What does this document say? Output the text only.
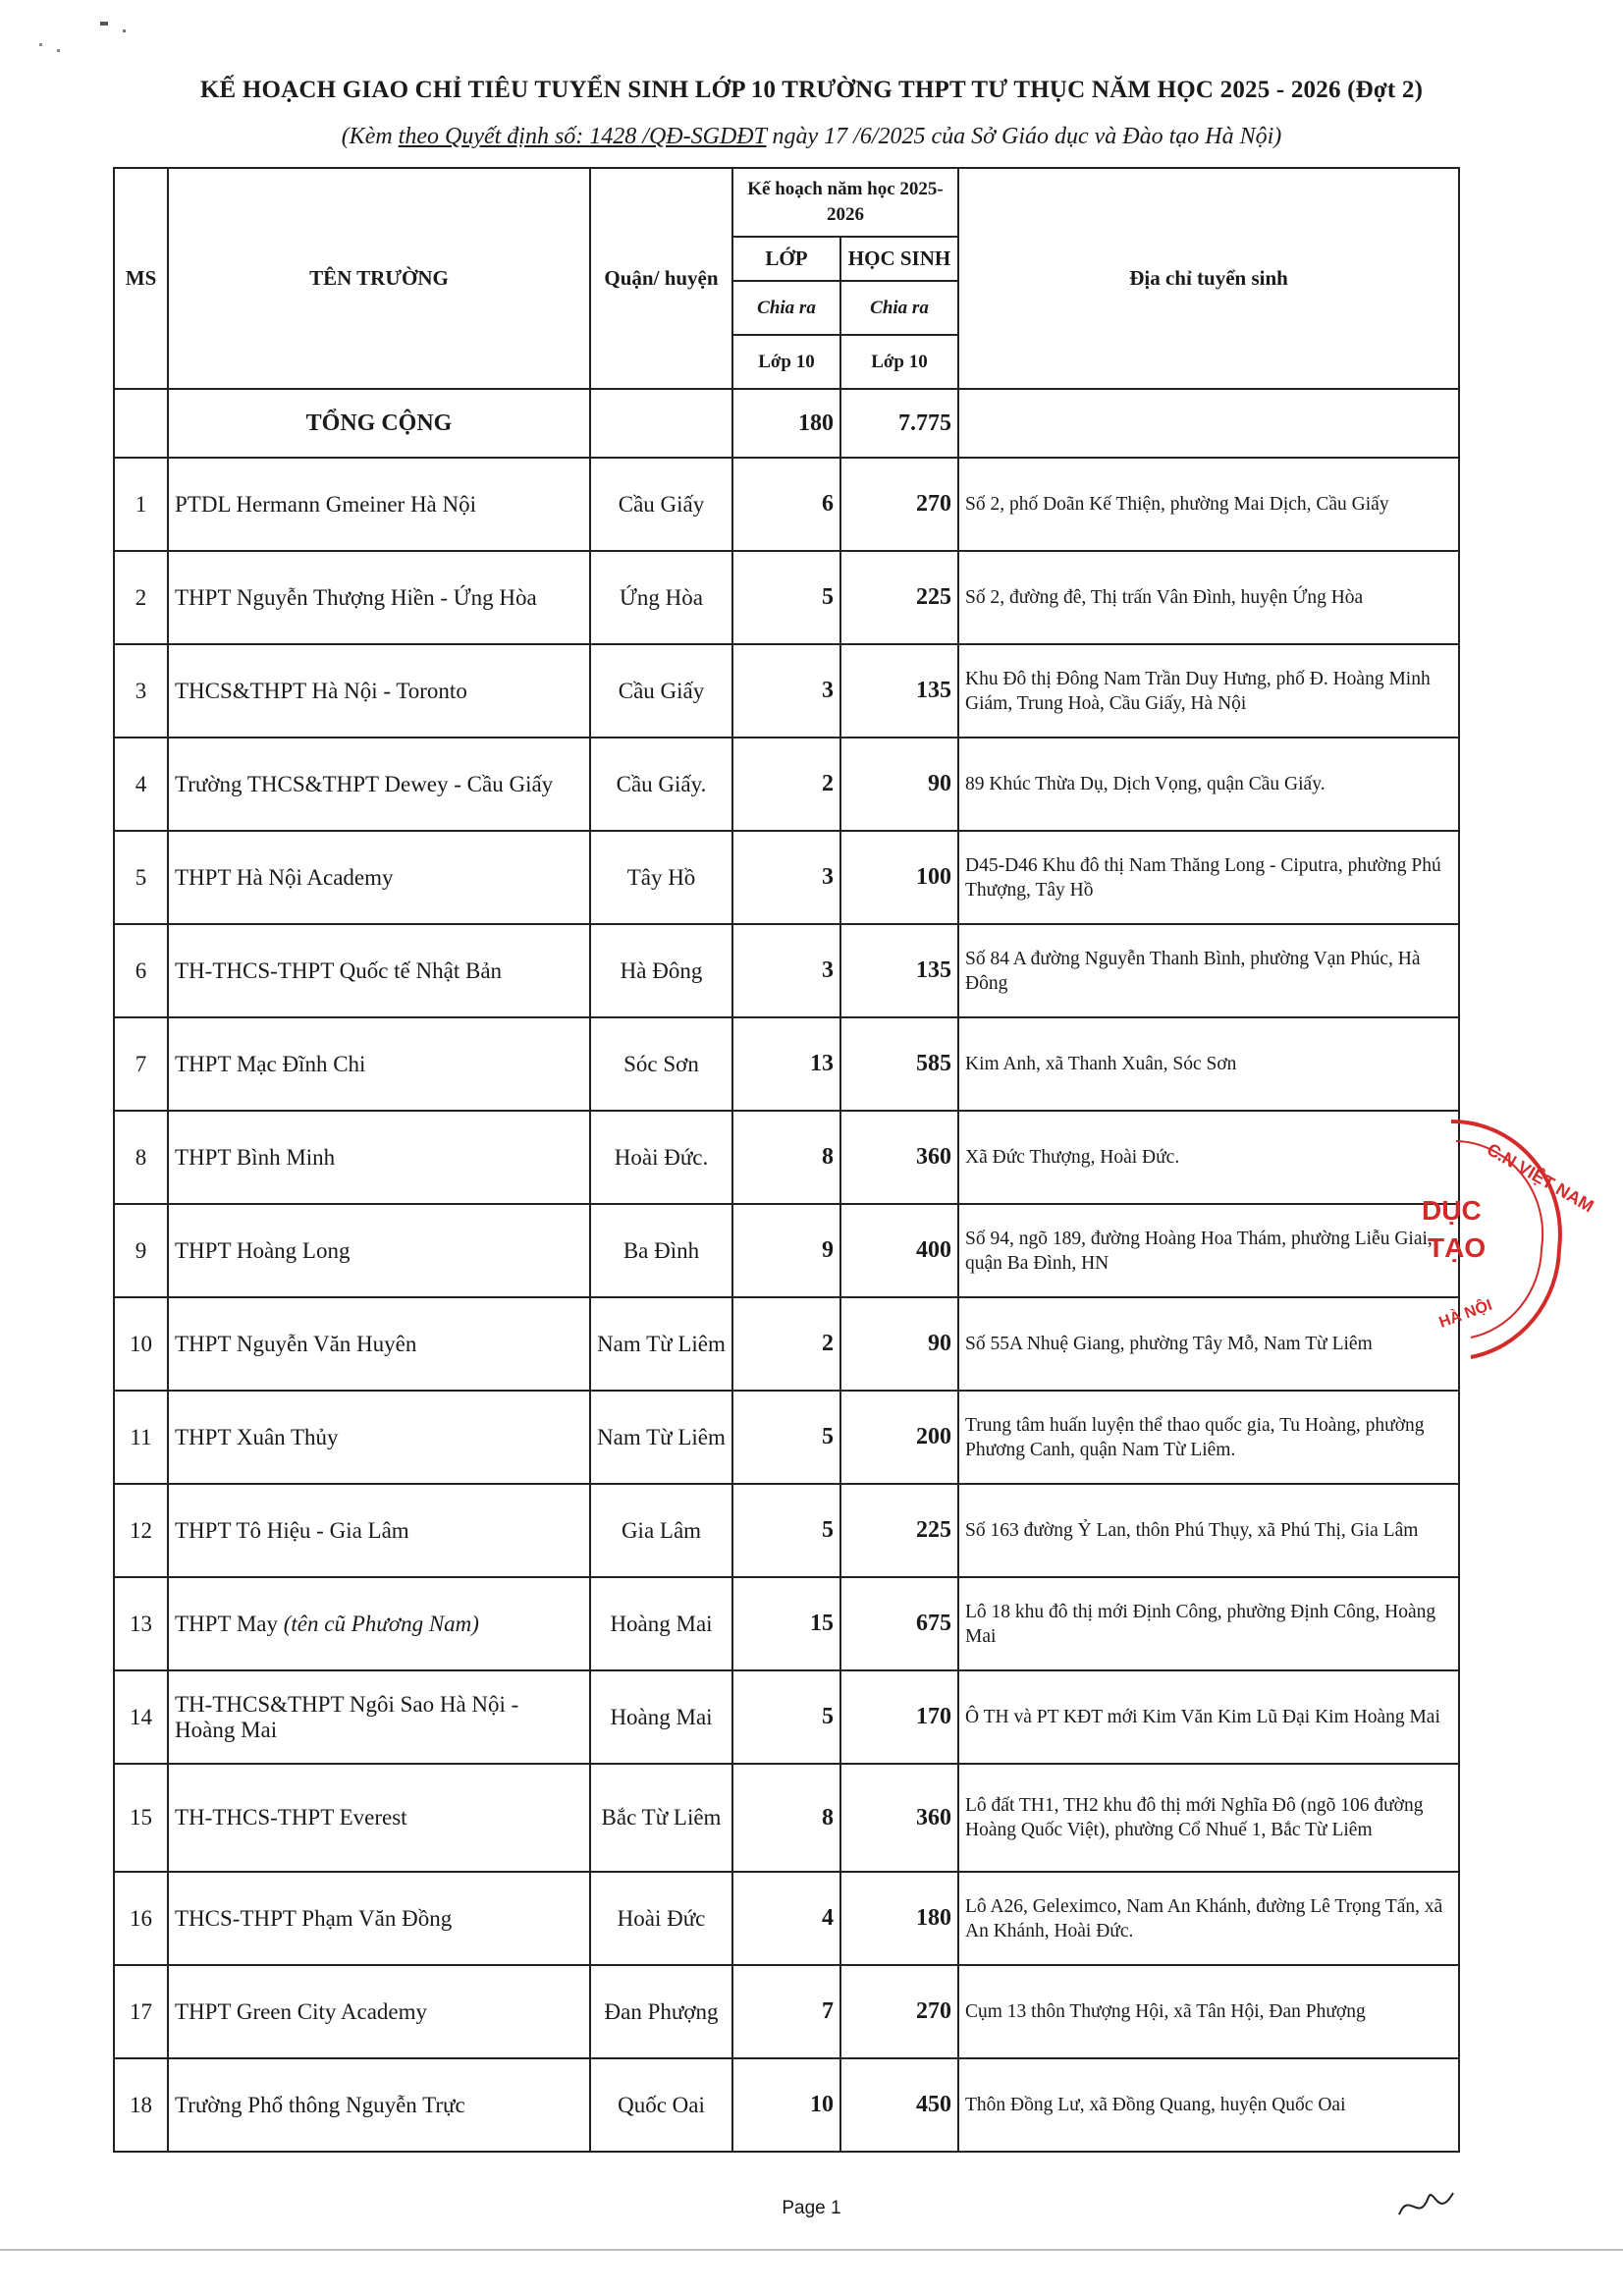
KẾ HOẠCH GIAO CHỈ TIÊU TUYỂN SINH LỚP 10 TRƯỜNG THPT TƯ THỤC NĂM HỌC 2025 - 2026 (Đợt 2)
(Kèm theo Quyết định số: 1428 /QĐ-SGDĐT ngày 17 /6/2025 của Sở Giáo dục và Đào tạo Hà Nội)
MS	TÊN TRƯỜNG	Quận/ huyện	Kế hoạch năm học 2025-2026		Địa chỉ tuyển sinh
			LỚP	HỌC SINH	
			Chia ra	Chia ra	
			Lớp 10	Lớp 10	
	TỔNG CỘNG		180	7.775	
1	PTDL Hermann Gmeiner Hà Nội	Cầu Giấy	6	270	Số 2, phố Doãn Kế Thiện, phường Mai Dịch, Cầu Giấy
2	THPT Nguyễn Thượng Hiền - Ứng Hòa	Ứng Hòa	5	225	Số 2, đường đê, Thị trấn Vân Đình, huyện Ứng Hòa
3	THCS&THPT Hà Nội - Toronto	Cầu Giấy	3	135	Khu Đô thị Đông Nam Trần Duy Hưng, phố Đ. Hoàng Minh Giám, Trung Hoà, Cầu Giấy, Hà Nội
4	Trường THCS&THPT Dewey - Cầu Giấy	Cầu Giấy.	2	90	89 Khúc Thừa Dụ, Dịch Vọng, quận Cầu Giấy.
5	THPT Hà Nội Academy	Tây Hồ	3	100	D45-D46 Khu đô thị Nam Thăng Long - Ciputra, phường Phú Thượng, Tây Hồ
6	TH-THCS-THPT Quốc tế Nhật Bản	Hà Đông	3	135	Số 84 A đường Nguyễn Thanh Bình, phường Vạn Phúc, Hà Đông
7	THPT Mạc Đĩnh Chi	Sóc Sơn	13	585	Kim Anh, xã Thanh Xuân, Sóc Sơn
8	THPT Bình Minh	Hoài Đức.	8	360	Xã Đức Thượng, Hoài Đức.
9	THPT Hoàng Long	Ba Đình	9	400	Số 94, ngõ 189, đường Hoàng Hoa Thám, phường Liễu Giai, quận Ba Đình, HN
10	THPT Nguyễn Văn Huyên	Nam Từ Liêm	2	90	Số 55A Nhuệ Giang, phường Tây Mỗ, Nam Từ Liêm
11	THPT Xuân Thủy	Nam Từ Liêm	5	200	Trung tâm huấn luyện thể thao quốc gia, Tu Hoàng, phường Phương Canh, quận Nam Từ Liêm.
12	THPT Tô Hiệu - Gia Lâm	Gia Lâm	5	225	Số 163 đường Ỷ Lan, thôn Phú Thụy, xã Phú Thị, Gia Lâm
13	THPT May (tên cũ Phương Nam)	Hoàng Mai	15	675	Lô 18 khu đô thị mới Định Công, phường Định Công, Hoàng Mai
14	TH-THCS&THPT Ngôi Sao Hà Nội - Hoàng Mai	Hoàng Mai	5	170	Ô TH và PT KĐT mới Kim Văn Kim Lũ Đại Kim Hoàng Mai
15	TH-THCS-THPT Everest	Bắc Từ Liêm	8	360	Lô đất TH1, TH2 khu đô thị mới Nghĩa Đô (ngõ 106 đường Hoàng Quốc Việt), phường Cổ Nhuế 1, Bắc Từ Liêm
16	THCS-THPT Phạm Văn Đồng	Hoài Đức	4	180	Lô A26, Geleximco, Nam An Khánh, đường Lê Trọng Tấn, xã An Khánh, Hoài Đức.
17	THPT Green City Academy	Đan Phượng	7	270	Cụm 13 thôn Thượng Hội, xã Tân Hội, Đan Phượng
18	Trường Phổ thông Nguyễn Trực	Quốc Oai	10	450	Thôn Đồng Lư, xã Đồng Quang, huyện Quốc Oai
C.N VIỆT NAM
DỤC
TẠO
HÀ NỘI
Page 1
